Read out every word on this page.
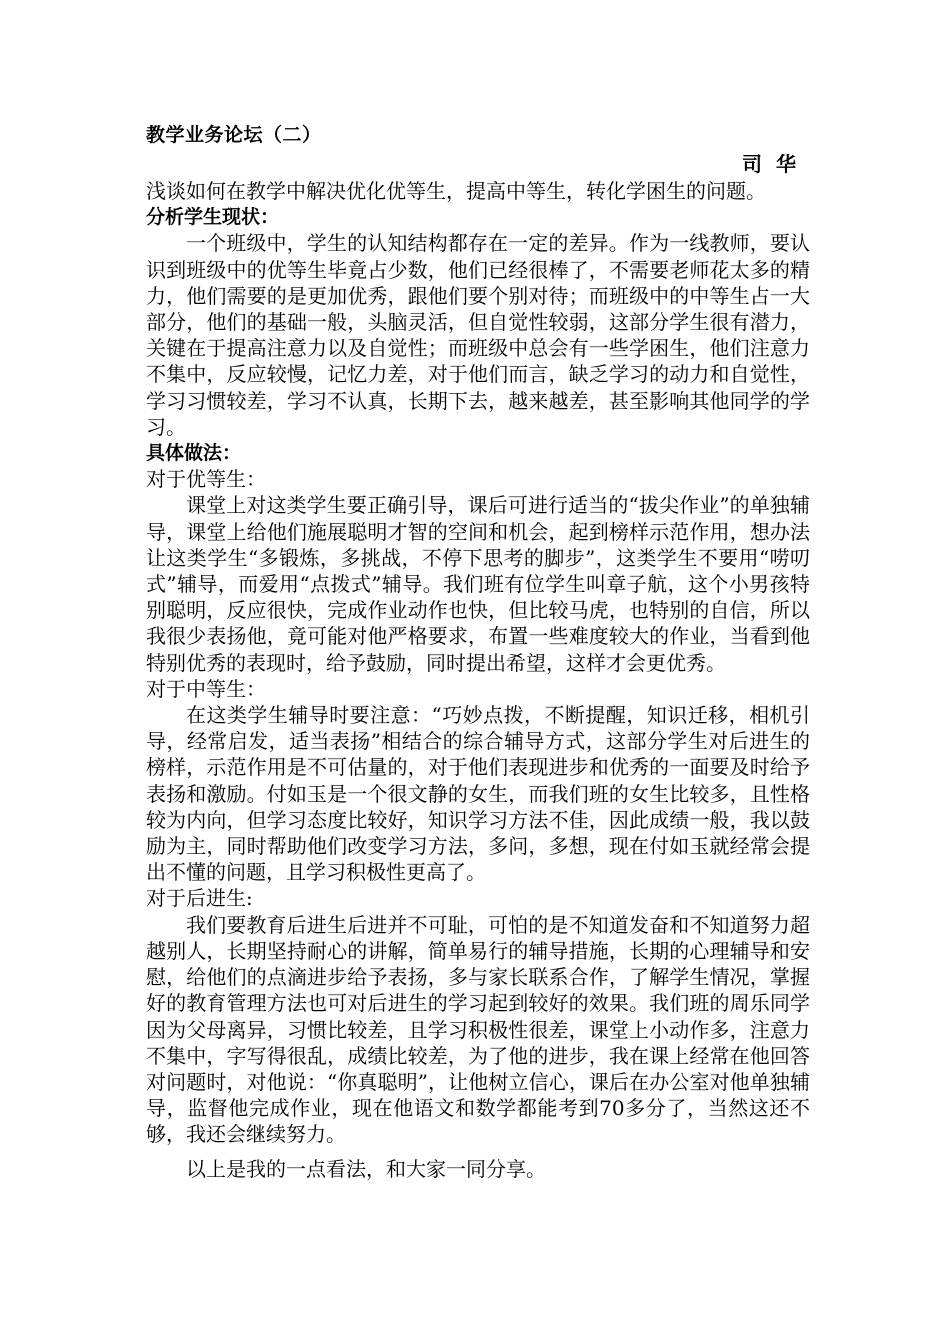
教学业务论坛（二）

司华

浅谈如何在教学中解决优化优等生，提高中等生，转化学困生的问题。

分析学生现状：

一个班级中，学生的认知结构都存在一定的差异。作为一线教师，要认识到班级中的优等生毕竟占少数，他们已经很棒了，不需要老师花太多的精力，他们需要的是更加优秀，跟他们要个别对待；而班级中的中等生占一大部分，他们的基础一般，头脑灵活，但自觉性较弱，这部分学生很有潜力，关键在于提高注意力以及自觉性；而班级中总会有一些学困生，他们注意力不集中，反应较慢，记忆力差，对于他们而言，缺乏学习的动力和自觉性，学习习惯较差，学习不认真，长期下去，越来越差，甚至影响其他同学的学习。

具体做法：

对于优等生：

课堂上对这类学生要正确引导，课后可进行适当的“拔尖作业”的单独辅导，课堂上给他们施展聪明才智的空间和机会，起到榜样示范作用，想办法让这类学生“多锻炼，多挑战，不停下思考的脚步”，这类学生不要用“唠叨式”辅导，而爱用“点拨式”辅导。我们班有位学生叫章子航，这个小男孩特别聪明，反应很快，完成作业动作也快，但比较马虎，也特别的自信，所以我很少表扬他，竟可能对他严格要求，布置一些难度较大的作业，当看到他特别优秀的表现时，给予鼓励，同时提出希望，这样才会更优秀。

对于中等生：

在这类学生辅导时要注意：“巧妙点拨，不断提醒，知识迁移，相机引导，经常启发，适当表扬”相结合的综合辅导方式，这部分学生对后进生的榜样，示范作用是不可估量的，对于他们表现进步和优秀的一面要及时给予表扬和激励。付如玉是一个很文静的女生，而我们班的女生比较多，且性格较为内向，但学习态度比较好，知识学习方法不佳，因此成绩一般，我以鼓励为主，同时帮助他们改变学习方法，多问，多想，现在付如玉就经常会提出不懂的问题，且学习积极性更高了。

对于后进生:

我们要教育后进生后进并不可耻，可怕的是不知道发奋和不知道努力超越别人，长期坚持耐心的讲解，简单易行的辅导措施，长期的心理辅导和安慰，给他们的点滴进步给予表扬，多与家长联系合作，了解学生情况，掌握好的教育管理方法也可对后进生的学习起到较好的效果。我们班的周乐同学因为父母离异，习惯比较差，且学习积极性很差，课堂上小动作多，注意力不集中，字写得很乱，成绩比较差，为了他的进步，我在课上经常在他回答对问题时，对他说：“你真聪明”，让他树立信心，课后在办公室对他单独辅导，监督他完成作业，现在他语文和数学都能考到70多分了，当然这还不够，我还会继续努力。

以上是我的一点看法，和大家一同分享。
